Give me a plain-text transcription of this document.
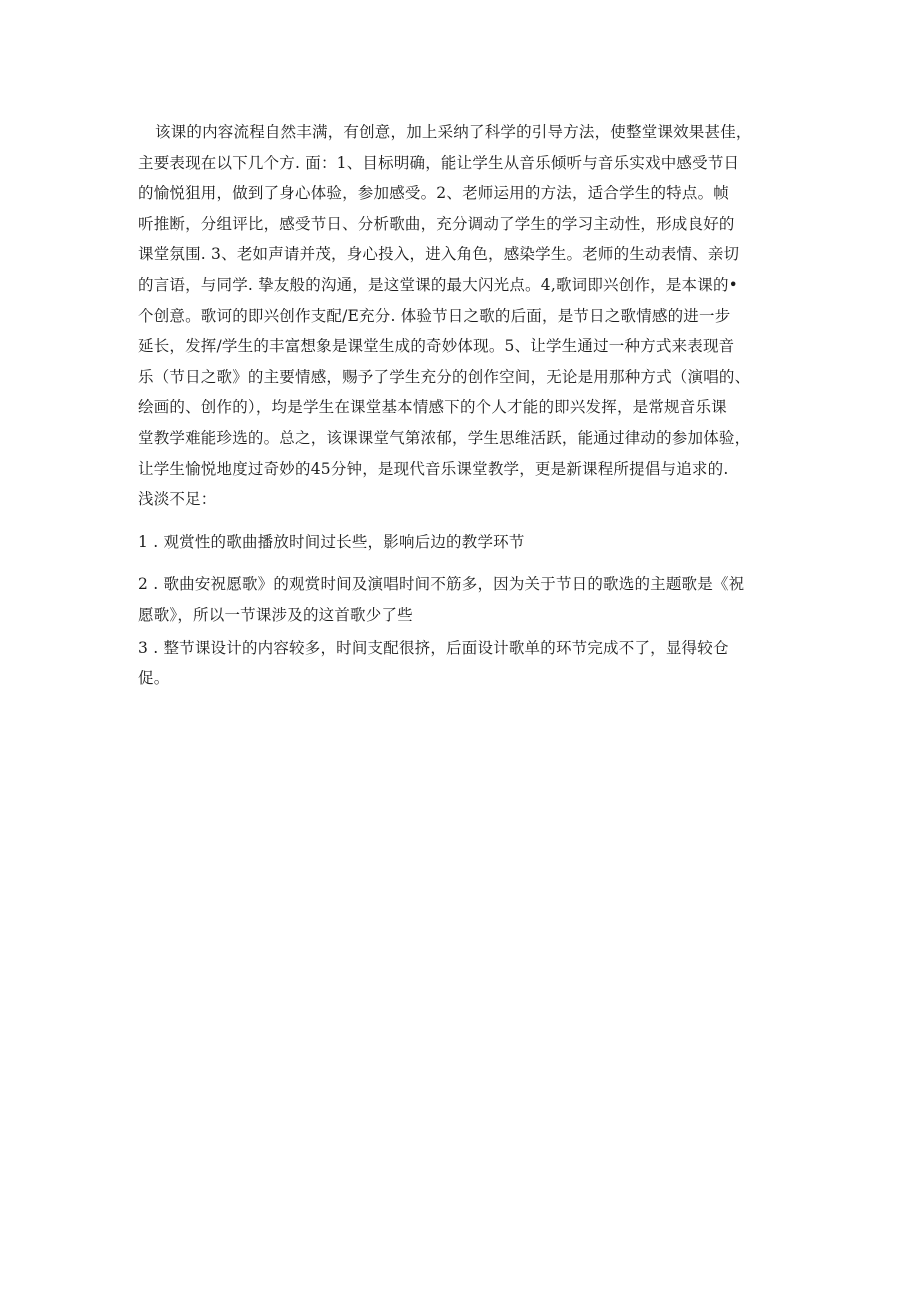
该课的内容流程自然丰满，有创意，加上采纳了科学的引导方法，使整堂课效果甚佳，
主要表现在以下几个方. 面：1、目标明确，能让学生从音乐倾听与音乐实戏中感受节日
的愉悦狙用，做到了身心体验，参加感受。2、老师运用的方法，适合学生的特点。帧
听推断，分组评比，感受节日、分析歌曲，充分调动了学生的学习主动性，形成良好的
课堂氛围. 3、老如声请并茂，身心投入，进入角色，感染学生。老师的生动表情、亲切
的言语，与同学. 挚友般的沟通，是这堂课的最大闪光点。4,歌词即兴创作，是本课的•
个创意。歌诃的即兴创作支配/E充分. 体验节日之歌的后面，是节日之歌情感的进一步
延长，发挥/学生的丰富想象是课堂生成的奇妙体现。5、让学生通过一种方式来表现音
乐（节日之歌》的主要情感，赐予了学生充分的创作空间，无论是用那种方式（演唱的、
绘画的、创作的），均是学生在课堂基本情感下的个人才能的即兴发挥，是常规音乐课
堂教学难能珍选的。总之，该课课堂气第浓郁，学生思维活跃，能通过律动的参加体验，
让学生愉悦地度过奇妙的45分钟，是现代音乐课堂教学，更是新课程所提倡与追求的.
浅淡不足：
1 . 观赏性的歌曲播放时间过长些，影响后边的教学环节
2 . 歌曲安祝愿歌》的观赏时间及演唱时间不筋多，因为关于节日的歌选的主题歌是《祝
愿歌》，所以一节课涉及的这首歌少了些
3 . 整节课设计的内容较多，时间支配很挤，后面设计歌单的环节完成不了，显得较仓
促。
